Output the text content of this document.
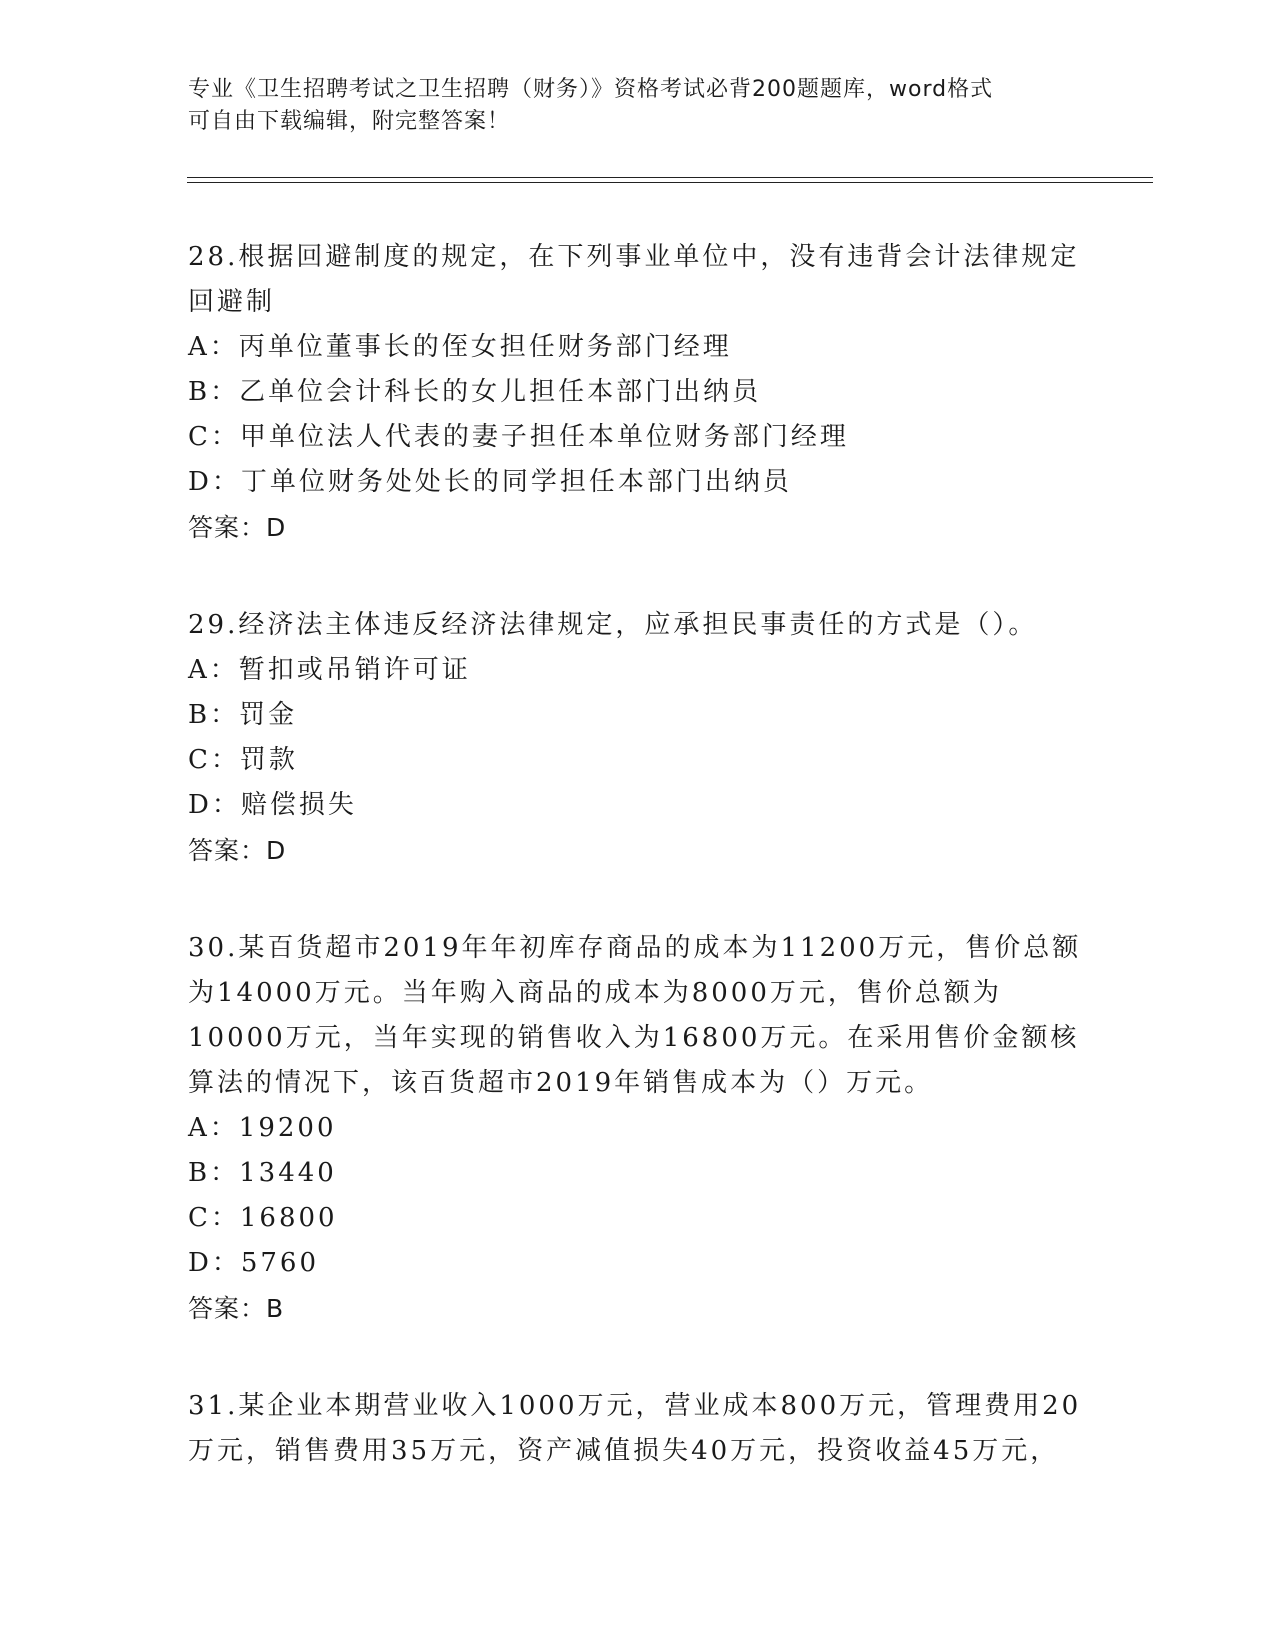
专业《卫生招聘考试之卫生招聘（财务）》资格考试必背200题题库，word格式
可自由下载编辑，附完整答案！

28.根据回避制度的规定，在下列事业单位中，没有违背会计法律规定回避制

A：丙单位董事长的侄女担任财务部门经理

B：乙单位会计科长的女儿担任本部门出纳员

C：甲单位法人代表的妻子担任本单位财务部门经理

D：丁单位财务处处长的同学担任本部门出纳员

答案：D

29.经济法主体违反经济法律规定，应承担民事责任的方式是（）。

A：暂扣或吊销许可证

B：罚金

C：罚款

D：赔偿损失

答案：D

30.某百货超市2019年年初库存商品的成本为11200万元，售价总额为14000万元。当年购入商品的成本为8000万元，售价总额为10000万元，当年实现的销售收入为16800万元。在采用售价金额核算法的情况下，该百货超市2019年销售成本为（）万元。

A：19200

B：13440

C：16800

D：5760

答案：B

31.某企业本期营业收入1000万元，营业成本800万元，管理费用20万元，销售费用35万元，资产减值损失40万元，投资收益45万元，
